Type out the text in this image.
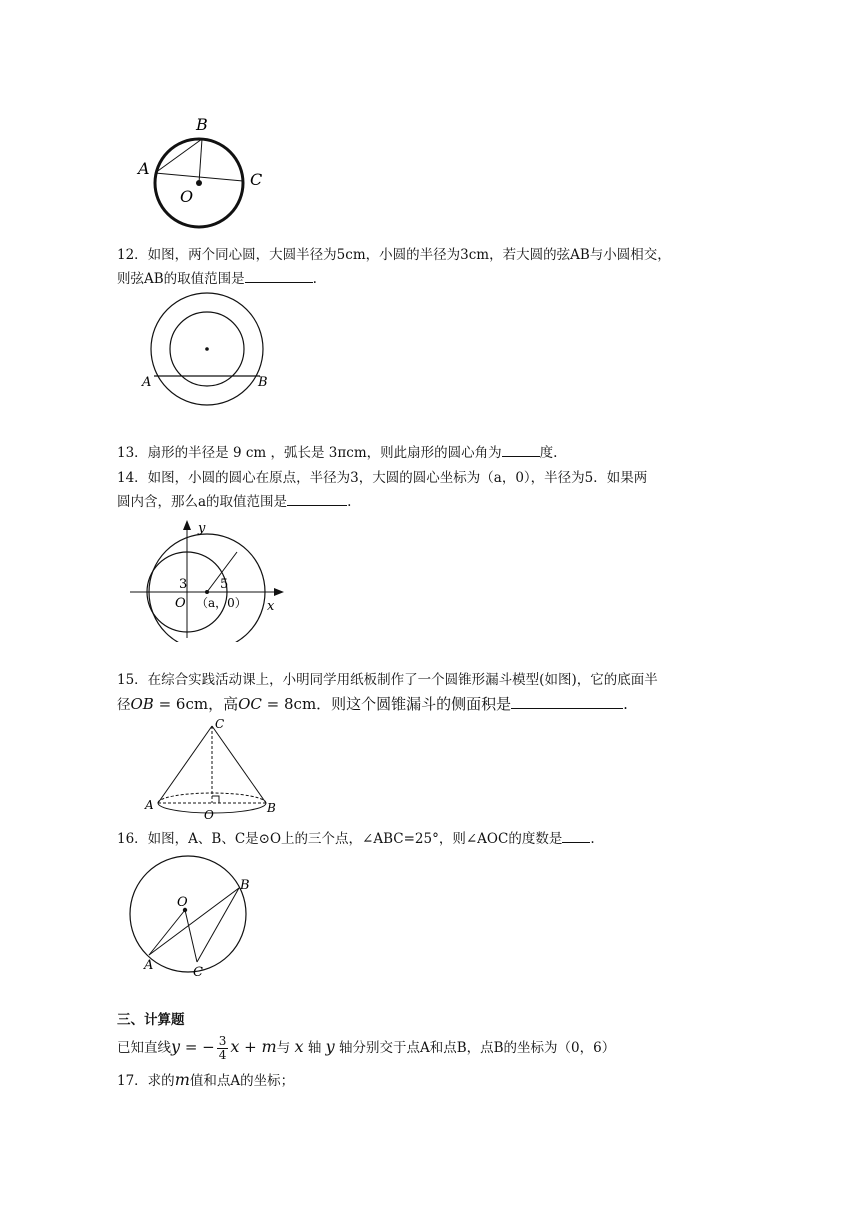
B
A
C
O
12．如图，两个同心圆，大圆半径为5cm，小圆的半径为3cm，若大圆的弦AB与小圆相交，
则弦AB的取值范围是	.
A	B
13．扇形的半径是 9 cm ，弧长是 3πcm，则此扇形的圆心角为	度.
14．如图，小圆的圆心在原点，半径为3，大圆的圆心坐标为（a，0），半径为5．如果两
圆内含，那么a的取值范围是	.
y
x
3	5
O （a，0）
15．在综合实践活动课上，小明同学用纸板制作了一个圆锥形漏斗模型(如图)，它的底面半
径OB = 6cm，高OC = 8cm．则这个圆锥漏斗的侧面积是	.
C
A	B
O
16．如图，A、B、C是⊙O上的三个点，∠ABC=25°，则∠AOC的度数是 .
O
B
A	C
三、计算题
已知直线y = − $\frac{3}{4}$ x + m与 x 轴 y 轴分别交于点A和点B，点B的坐标为（0，6）
17．求的m值和点A的坐标；
